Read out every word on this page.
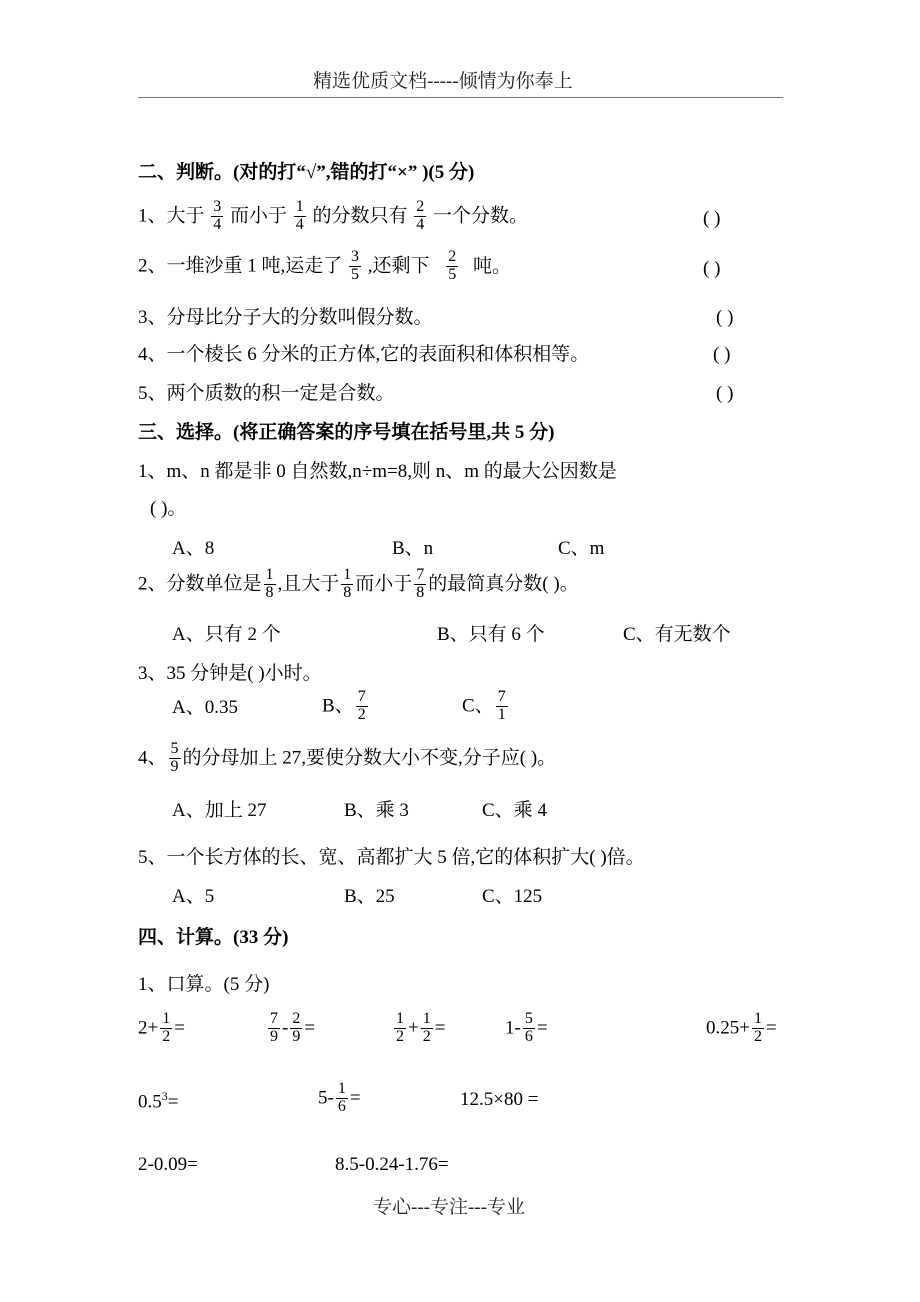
精选优质文档-----倾情为你奉上
二、判断。(对的打“√”,错的打“×” )(5 分)
1、大于 $\frac{3}{4}$ 而小于 $\frac{1}{4}$ 的分数只有 $\frac{2}{4}$ 一个分数。	( )
2、一堆沙重 1 吨,运走了 $\frac{3}{5}$ ,还剩下 $\frac{2}{5}$ 吨。	( )
3、分母比分子大的分数叫假分数。	( )
4、一个棱长 6 分米的正方体,它的表面积和体积相等。	( )
5、两个质数的积一定是合数。	( )
三、选择。(将正确答案的序号填在括号里,共 5 分)
1、m、n 都是非 0 自然数,n÷m=8,则 n、m 的最大公因数是
( )。
A、8	B、n	C、m
2、分数单位是 $\frac{1}{8}$ ,且大于 $\frac{1}{8}$ 而小于 $\frac{7}{8}$ 的最简真分数( )。
A、只有 2 个	B、只有 6 个	C、有无数个
3、35 分钟是( )小时。
A、0.35	B、 $\frac{7}{2}$	C、 $\frac{7}{1}$
4、 $\frac{5}{9}$ 的分母加上 27,要使分数大小不变,分子应( )。
A、加上 27	B、乘 3	C、乘 4
5、一个长方体的长、宽、高都扩大 5 倍,它的体积扩大( )倍。
A、5	B、25	C、125
四、计算。(33 分)
1、口算。(5 分)
$2+ \frac{1}{2}$ =	$\frac{7}{9} - \frac{2}{9}$ =	$\frac{1}{2} + \frac{1}{2}$ =	$1- \frac{5}{6}$ =	$0.25+ \frac{1}{2}$ =
$0.5^3=$	$5- \frac{1}{6}$ =	12.5×80 =
2-0.09=	8.5-0.24-1.76=
专心---专注---专业
